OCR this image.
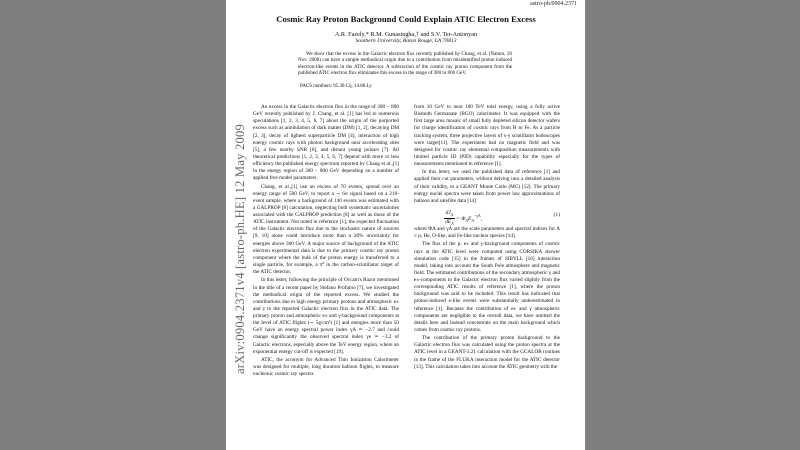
astro-ph/0904.2371
arXiv:0904.2371v4 [astro-ph.HE] 12 May 2009
Cosmic Ray Proton Background Could Explain ATIC Electron Excess
A.R. Fazely,* R.M. Gunasingha,† and S.V. Ter-Antonyan
Southern University, Baton Rouge, LA 70813

We show that the excess in the Galactic electron flux recently published by Chang, et al. (Nature, 20 Nov. 2008) can have a simple methodical origin due to a contribution from misidentified proton induced electron-like events in the ATIC detector. A subtraction of the cosmic ray proton component from the published ATIC electron flux eliminates this excess in the range of 300 to 800 GeV.

PACS numbers: 95.30.Cq, 14.80.Ly

An excess in the Galactic electron flux in the range of 300 − 800 GeV recently published by J. Chang, et al. [1] has led to numerous speculations [1, 2, 3, 4, 5, 6, 7] about the origin of the purported excess such as annihilation of dark matter (DM) [1, 2], decaying DM [2, 3], decay of lightest superparticle DM [4], interaction of high energy cosmic rays with photon background near accelerating sites [5], a few nearby SNR [6], and distant young pulsars [7]. All theoretical predictions [1, 2, 3, 4, 5, 6, 7] depend with more or less efficiency the published energy spectrum reported by Chang et al.,[1] in the energy region of 300 − 800 GeV depending on a number of applied free model parameters.

Chang, et al.,[1] use an excess of 70 events, spread over an energy range of 500 GeV, to report a ∼ 6σ signal based on a 210-event sample, where a background of 140 events was estimated with a GALPROP [8] calculation, neglecting both systematic uncertainties associated with the GALPROP prediction [8] as well as those of the ATIC instrument. Not noted in reference [1], the expected fluctuation of the Galactic electron flux due to the stochastic nature of sources [9, 10] alone could introduce more than a 20% uncertainty for energies above 300 GeV. A major source of background of the ATIC electron experimental data is due to the primary cosmic ray proton component where the bulk of the proton energy is transferred to a single particle, for example, a π⁰ in the carbon-scintillator target of the ATIC detector.

In this letter, following the principle of Occam's Razor mentioned in the title of a recent paper by Stefano Profumo [7], we investigated the methodical origin of the reported excess. We studied the contributions due to high energy primary protons and atmospheric e± and γ to the reported Galactic electron flux in the ATIC data. The primary proton and atmospheric e± and γ-background components at the level of ATIC flights (∼ 5g/cm²) [1] and energies more than 50 GeV have an energy spectral power index γA ≃ −2.7 and could change significantly the observed spectral index γe ≃ −3.2 of Galactic electrons, especially above the TeV energy region, where an exponential energy cut-off is expected [19].

ATIC, the acronym for Advanced Thin Ionization Calorimeter was designed for multiple, long duration balloon flights, to measure nucleonic cosmic ray spectra

from 10 GeV to near 100 TeV total energy, using a fully active Bismuth Germanate (BGO) calorimeter. It was equipped with the first large area mosaic of small fully depleted silicon detector wafers for charge identification of cosmic rays from H to Fe. As a particle tracking system, three projective layers of x-y scintillator hodoscopes were target[11]. The experiment had no magnetic field and was designed for cosmic ray elemental composition measurements with limited particle ID (PID) capability especially for the types of measurements mentioned in reference [1].

In this letter, we used the published data of reference [1] and applied their cut parameters, without delving into a detailed analysis of their validity, to a GEANT Monte Carlo (MC) [12]. The primary energy nuclei spectra were taken from power law approximations of balloon and satellite data [14]

$dJ_A$
$dE_A$
= $\Phi_AE_A^{-\gamma A}$,
(1)

where ΦA and γA are the scale parameters and spectral indices for A ≡ p, He, O-like, and Fe-like nuclear species [14].

The flux of the p, e± and γ-background components of cosmic rays at the ATIC level were computed using CORSIKA shower simulation code [15] in the frames of SIBYLL [16] interaction model, taking into account the South Pole atmosphere and magnetic field. The estimated contributions of the secondary atmospheric γ and e±-components to the Galactic electron flux varied slightly from the corresponding ATIC results of reference [1], where the proton background was said to be included. This result has indicated that proton-induced e-like events were substantially underestimated in reference [1]. Because the contribution of e± and γ atmospheric components are negligible to the overall data, we have omitted the details here and instead concentrate on the main background which comes from cosmic ray protons.

The contribution of the primary proton background to the Galactic electron flux was calculated using the proton spectra at the ATIC level in a GEANT-3.21 calculation with the GCALOR routines in the frame of the FLUKA interaction model for the ATIC detector [13]. This calculation takes into account the ATIC geometry with the
